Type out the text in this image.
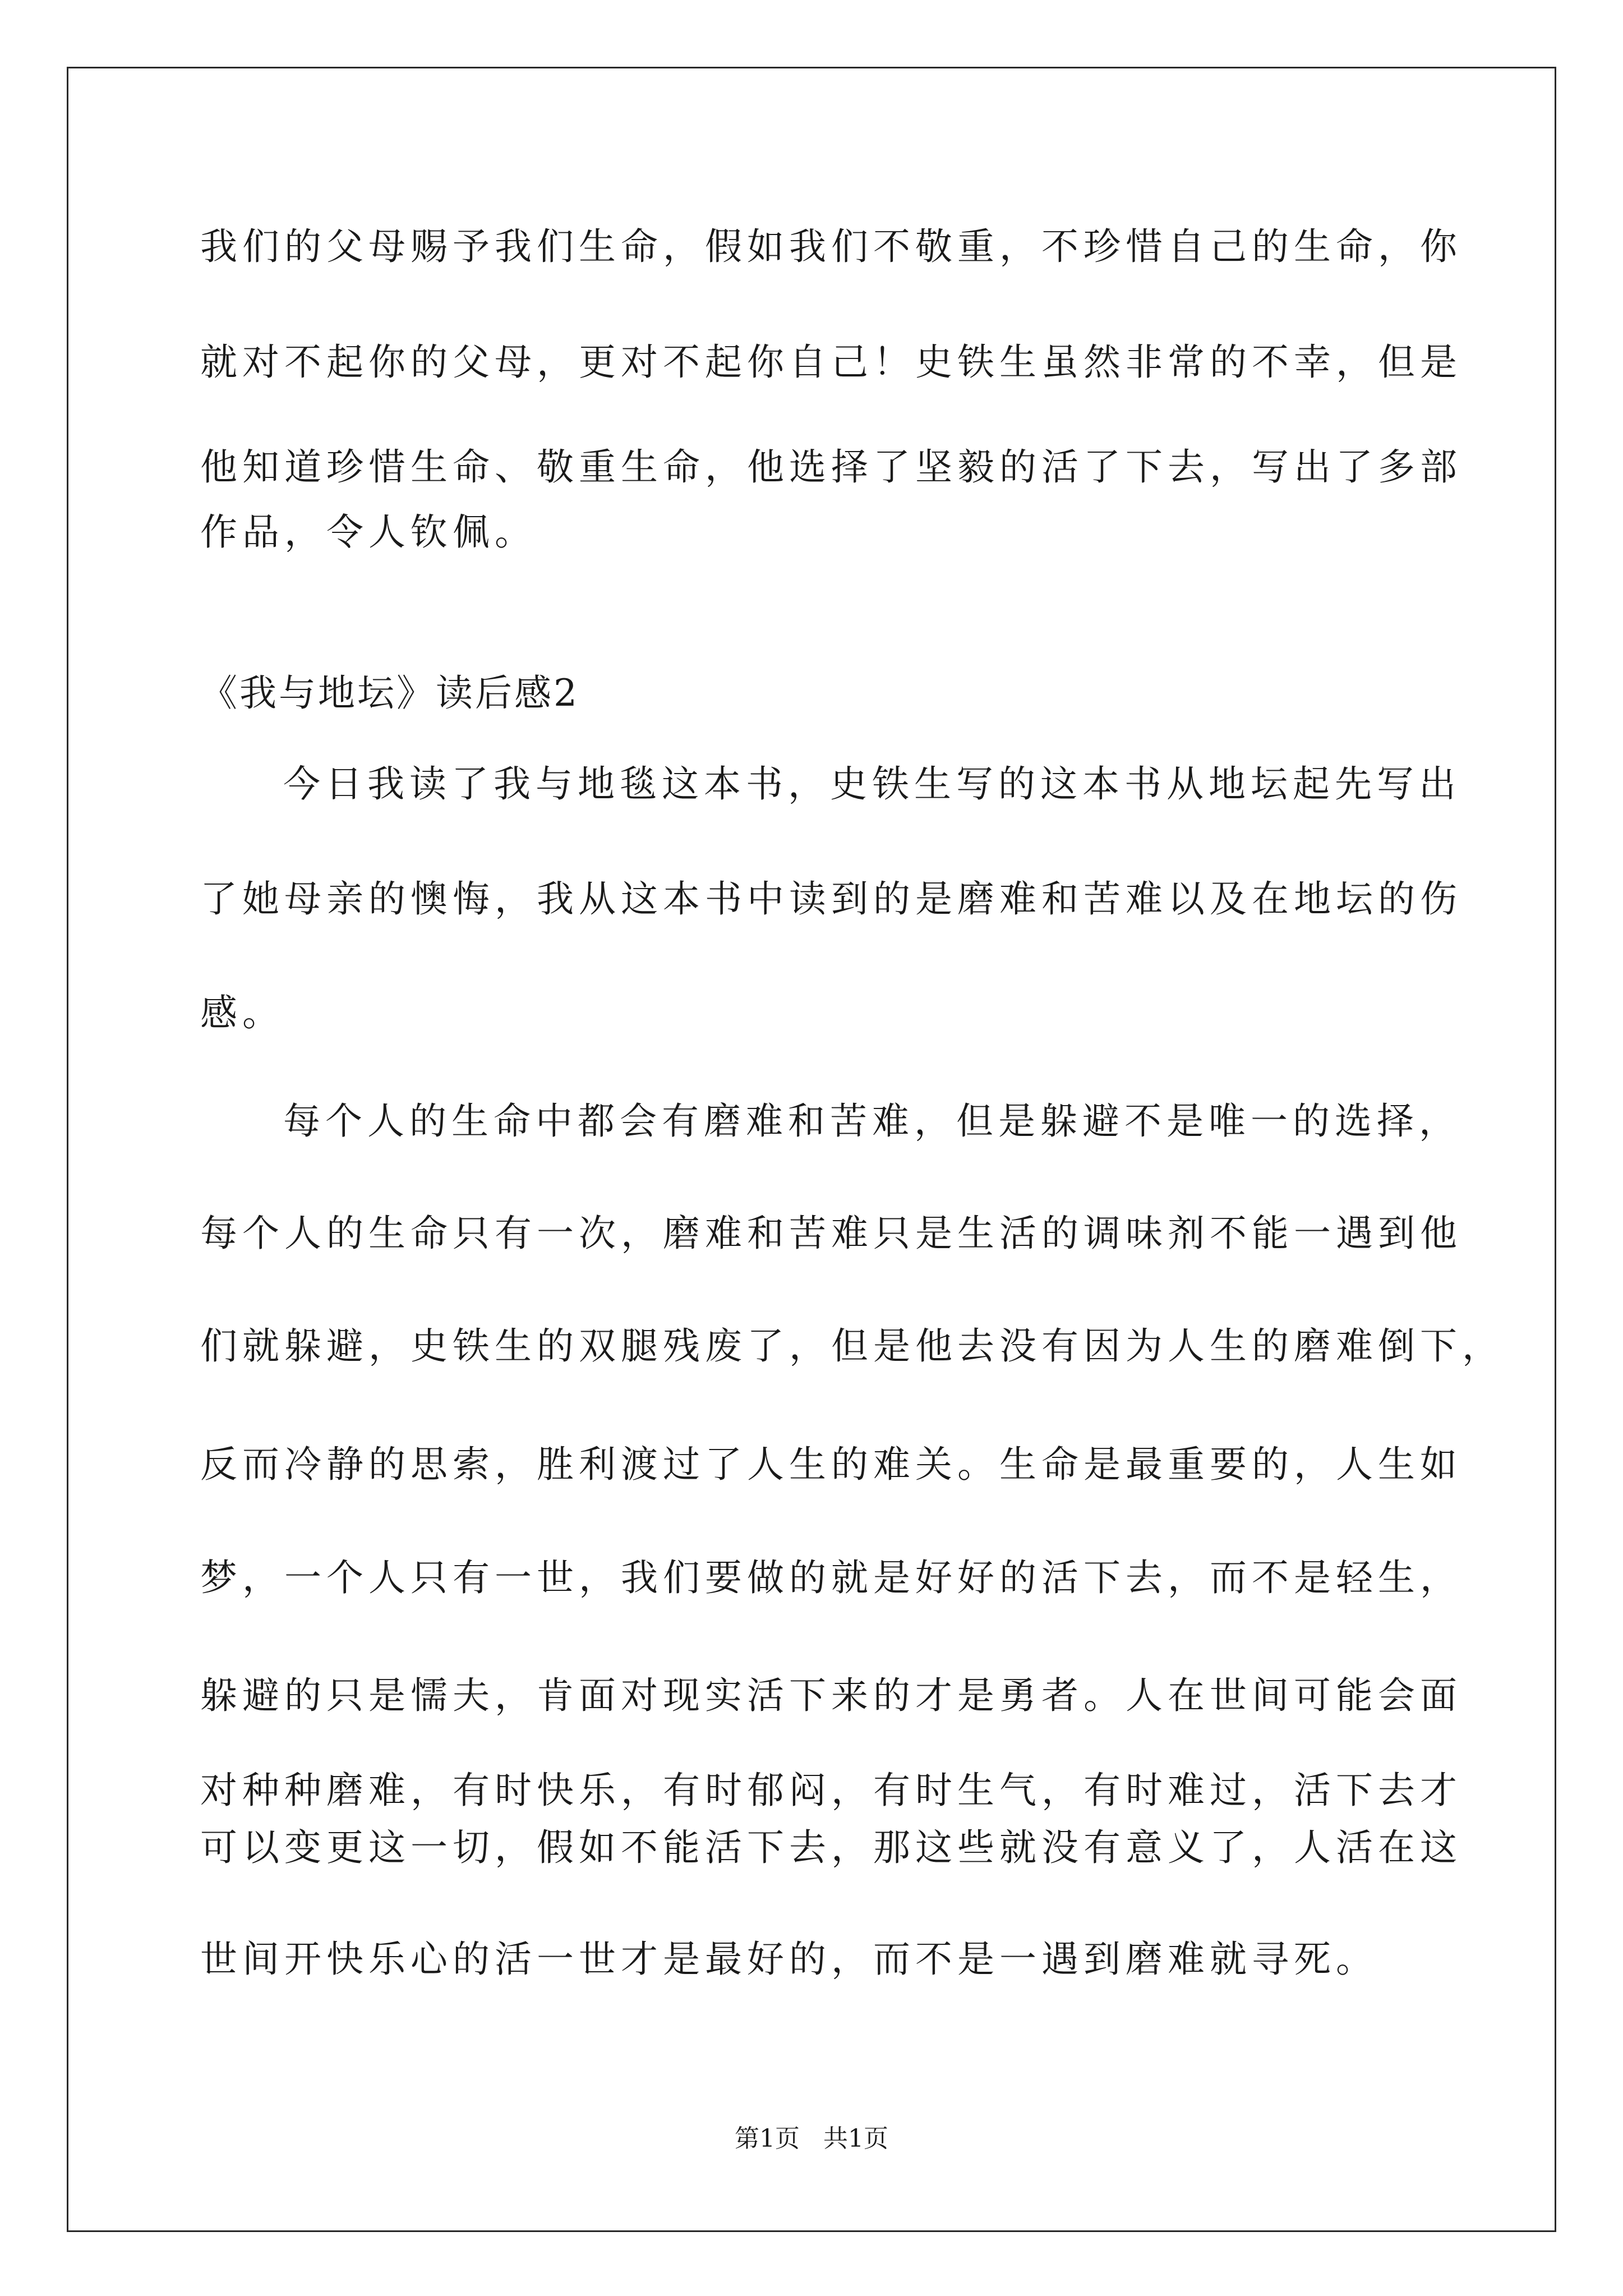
我们的父母赐予我们生命，假如我们不敬重，不珍惜自己的生命，你
就对不起你的父母，更对不起你自己！史铁生虽然非常的不幸，但是
他知道珍惜生命、敬重生命，他选择了坚毅的活了下去，写出了多部
作品，令人钦佩。
《我与地坛》读后感2
今日我读了我与地毯这本书，史铁生写的这本书从地坛起先写出
了她母亲的懊悔，我从这本书中读到的是磨难和苦难以及在地坛的伤
感。
每个人的生命中都会有磨难和苦难，但是躲避不是唯一的选择，
每个人的生命只有一次，磨难和苦难只是生活的调味剂不能一遇到他
们就躲避，史铁生的双腿残废了，但是他去没有因为人生的磨难倒下，
反而冷静的思索，胜利渡过了人生的难关。生命是最重要的，人生如
梦，一个人只有一世，我们要做的就是好好的活下去，而不是轻生，
躲避的只是懦夫，肯面对现实活下来的才是勇者。人在世间可能会面
对种种磨难，有时快乐，有时郁闷，有时生气，有时难过，活下去才
可以变更这一切，假如不能活下去，那这些就没有意义了，人活在这
世间开快乐心的活一世才是最好的，而不是一遇到磨难就寻死。
第1页 共1页
